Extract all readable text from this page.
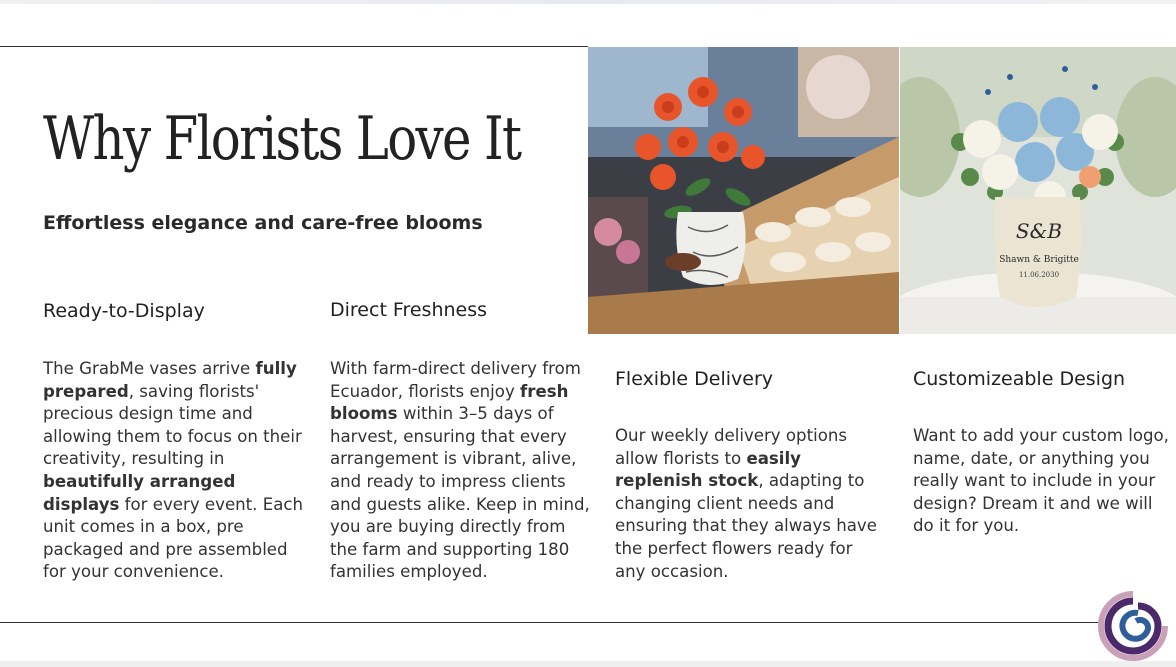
Why Florists Love It
Effortless elegance and care-free blooms	S&B
Shawn & Brigitte
11.06.2030
Ready-to-Display

The GrabMe vases arrive fully prepared, saving florists' precious design time and allowing them to focus on their creativity, resulting in beautifully arranged displays for every event. Each unit comes in a box, pre packaged and pre assembled for your convenience.

Direct Freshness

With farm-direct delivery from Ecuador, florists enjoy fresh blooms within 3–5 days of harvest, ensuring that every arrangement is vibrant, alive, and ready to impress clients and guests alike. Keep in mind, you are buying directly from the farm and supporting 180 families employed.

Flexible Delivery

Our weekly delivery options allow florists to easily replenish stock, adapting to changing client needs and ensuring that they always have the perfect flowers ready for any occasion.

Customizeable Design

Want to add your custom logo, name, date, or anything you really want to include in your design? Dream it and we will do it for you.
